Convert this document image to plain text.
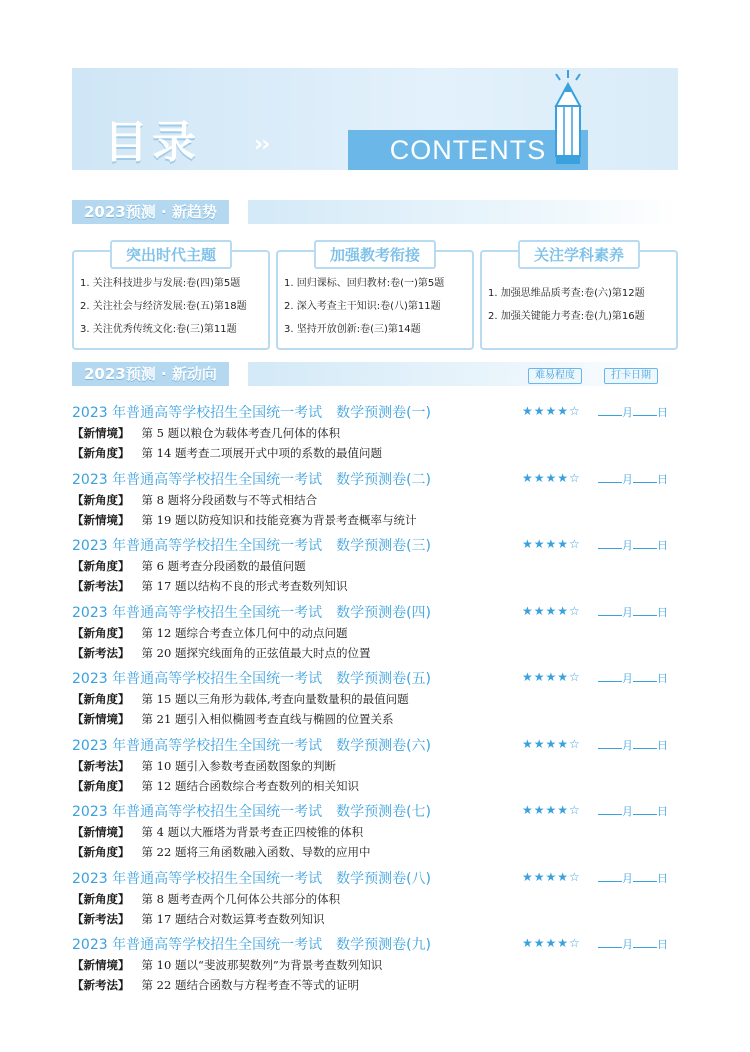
目录 ››	CONTENTS
2023预测 · 新趋势
突出时代主题
1. 关注科技进步与发展:卷(四)第5题
2. 关注社会与经济发展:卷(五)第18题
3. 关注优秀传统文化:卷(三)第11题
加强教考衔接
1. 回归课标、回归教材:卷(一)第5题
2. 深入考查主干知识:卷(八)第11题
3. 坚持开放创新:卷(三)第14题
关注学科素养
1. 加强思维品质考查:卷(六)第12题
2. 加强关键能力考查:卷(九)第16题
2023预测 · 新动向	难易程度	打卡日期
2023 年普通高等学校招生全国统一考试　数学预测卷(一)	★★★★☆	月 日
【新情境】 第 5 题以粮仓为载体考查几何体的体积
【新角度】 第 14 题考查二项展开式中项的系数的最值问题
2023 年普通高等学校招生全国统一考试　数学预测卷(二)	★★★★☆	月 日
【新角度】 第 8 题将分段函数与不等式相结合
【新情境】 第 19 题以防疫知识和技能竞赛为背景考查概率与统计
2023 年普通高等学校招生全国统一考试　数学预测卷(三)	★★★★☆	月 日
【新角度】 第 6 题考查分段函数的最值问题
【新考法】 第 17 题以结构不良的形式考查数列知识
2023 年普通高等学校招生全国统一考试　数学预测卷(四)	★★★★☆	月 日
【新角度】 第 12 题综合考查立体几何中的动点问题
【新考法】 第 20 题探究线面角的正弦值最大时点的位置
2023 年普通高等学校招生全国统一考试　数学预测卷(五)	★★★★☆	月 日
【新角度】 第 15 题以三角形为载体,考查向量数量积的最值问题
【新情境】 第 21 题引入相似椭圆考查直线与椭圆的位置关系
2023 年普通高等学校招生全国统一考试　数学预测卷(六)	★★★★☆	月 日
【新考法】 第 10 题引入参数考查函数图象的判断
【新角度】 第 12 题结合函数综合考查数列的相关知识
2023 年普通高等学校招生全国统一考试　数学预测卷(七)	★★★★☆	月 日
【新情境】 第 4 题以大雁塔为背景考查正四棱锥的体积
【新角度】 第 22 题将三角函数融入函数、导数的应用中
2023 年普通高等学校招生全国统一考试　数学预测卷(八)	★★★★☆	月 日
【新角度】 第 8 题考查两个几何体公共部分的体积
【新考法】 第 17 题结合对数运算考查数列知识
2023 年普通高等学校招生全国统一考试　数学预测卷(九)	★★★★☆	月 日
【新情境】 第 10 题以“斐波那契数列”为背景考查数列知识
【新考法】 第 22 题结合函数与方程考查不等式的证明
